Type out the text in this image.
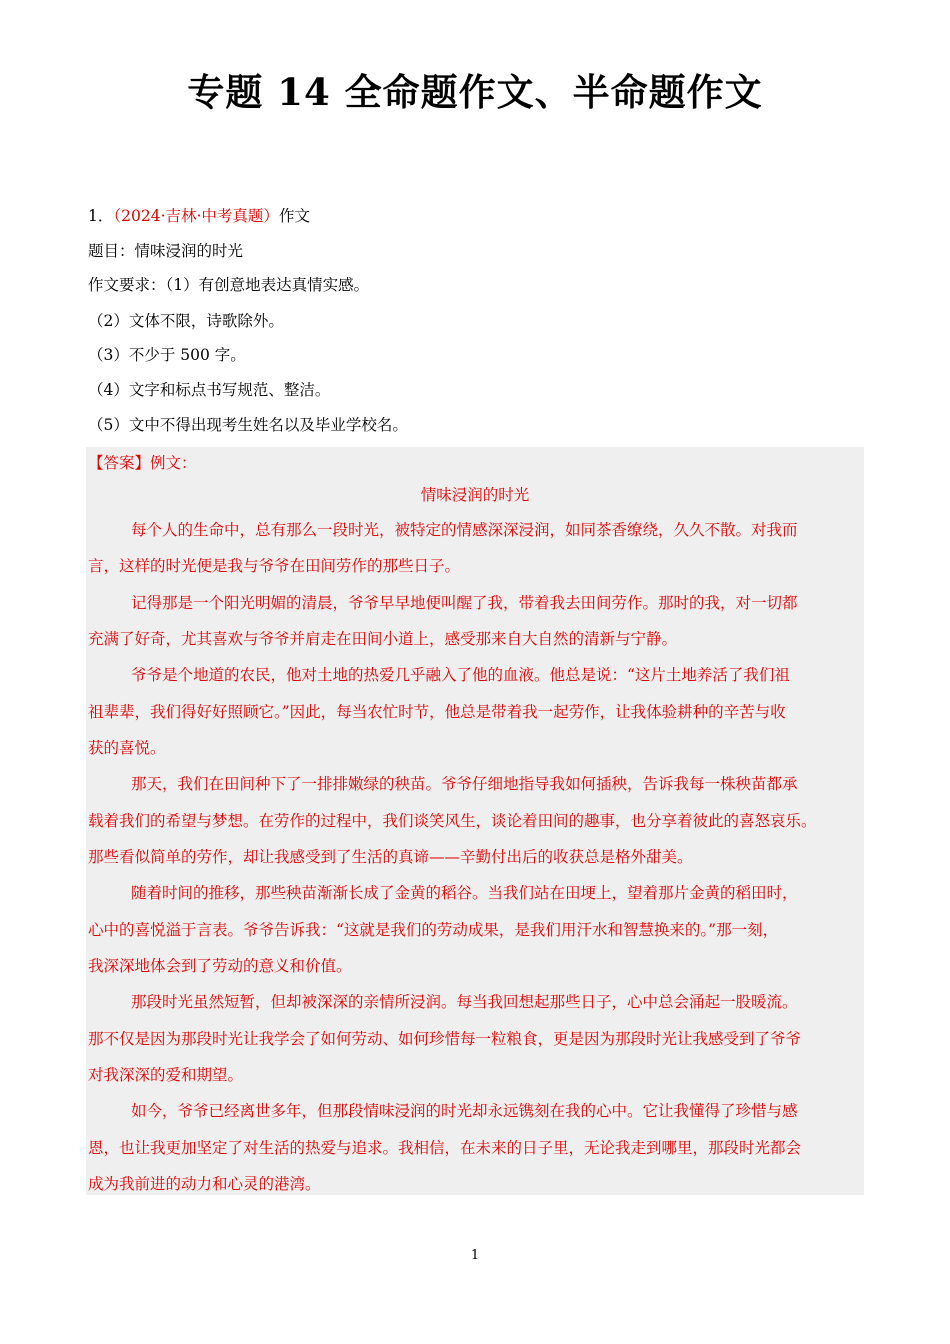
专题 14 全命题作文、半命题作文
1．（2024·吉林·中考真题）作文
题目：情味浸润的时光
作文要求：（1）有创意地表达真情实感。
（2）文体不限，诗歌除外。
（3）不少于 500 字。
（4）文字和标点书写规范、整洁。
（5）文中不得出现考生姓名以及毕业学校名。
【答案】例文：
情味浸润的时光
每个人的生命中，总有那么一段时光，被特定的情感深深浸润，如同茶香缭绕，久久不散。对我而
言，这样的时光便是我与爷爷在田间劳作的那些日子。
记得那是一个阳光明媚的清晨，爷爷早早地便叫醒了我，带着我去田间劳作。那时的我，对一切都
充满了好奇，尤其喜欢与爷爷并肩走在田间小道上，感受那来自大自然的清新与宁静。
爷爷是个地道的农民，他对土地的热爱几乎融入了他的血液。他总是说：“这片土地养活了我们祖
祖辈辈，我们得好好照顾它。”因此，每当农忙时节，他总是带着我一起劳作，让我体验耕种的辛苦与收
获的喜悦。
那天，我们在田间种下了一排排嫩绿的秧苗。爷爷仔细地指导我如何插秧，告诉我每一株秧苗都承
载着我们的希望与梦想。在劳作的过程中，我们谈笑风生，谈论着田间的趣事，也分享着彼此的喜怒哀乐。
那些看似简单的劳作，却让我感受到了生活的真谛——辛勤付出后的收获总是格外甜美。
随着时间的推移，那些秧苗渐渐长成了金黄的稻谷。当我们站在田埂上，望着那片金黄的稻田时，
心中的喜悦溢于言表。爷爷告诉我：“这就是我们的劳动成果，是我们用汗水和智慧换来的。”那一刻，
我深深地体会到了劳动的意义和价值。
那段时光虽然短暂，但却被深深的亲情所浸润。每当我回想起那些日子，心中总会涌起一股暖流。
那不仅是因为那段时光让我学会了如何劳动、如何珍惜每一粒粮食，更是因为那段时光让我感受到了爷爷
对我深深的爱和期望。
如今，爷爷已经离世多年，但那段情味浸润的时光却永远镌刻在我的心中。它让我懂得了珍惜与感
恩，也让我更加坚定了对生活的热爱与追求。我相信，在未来的日子里，无论我走到哪里，那段时光都会
成为我前进的动力和心灵的港湾。
1
